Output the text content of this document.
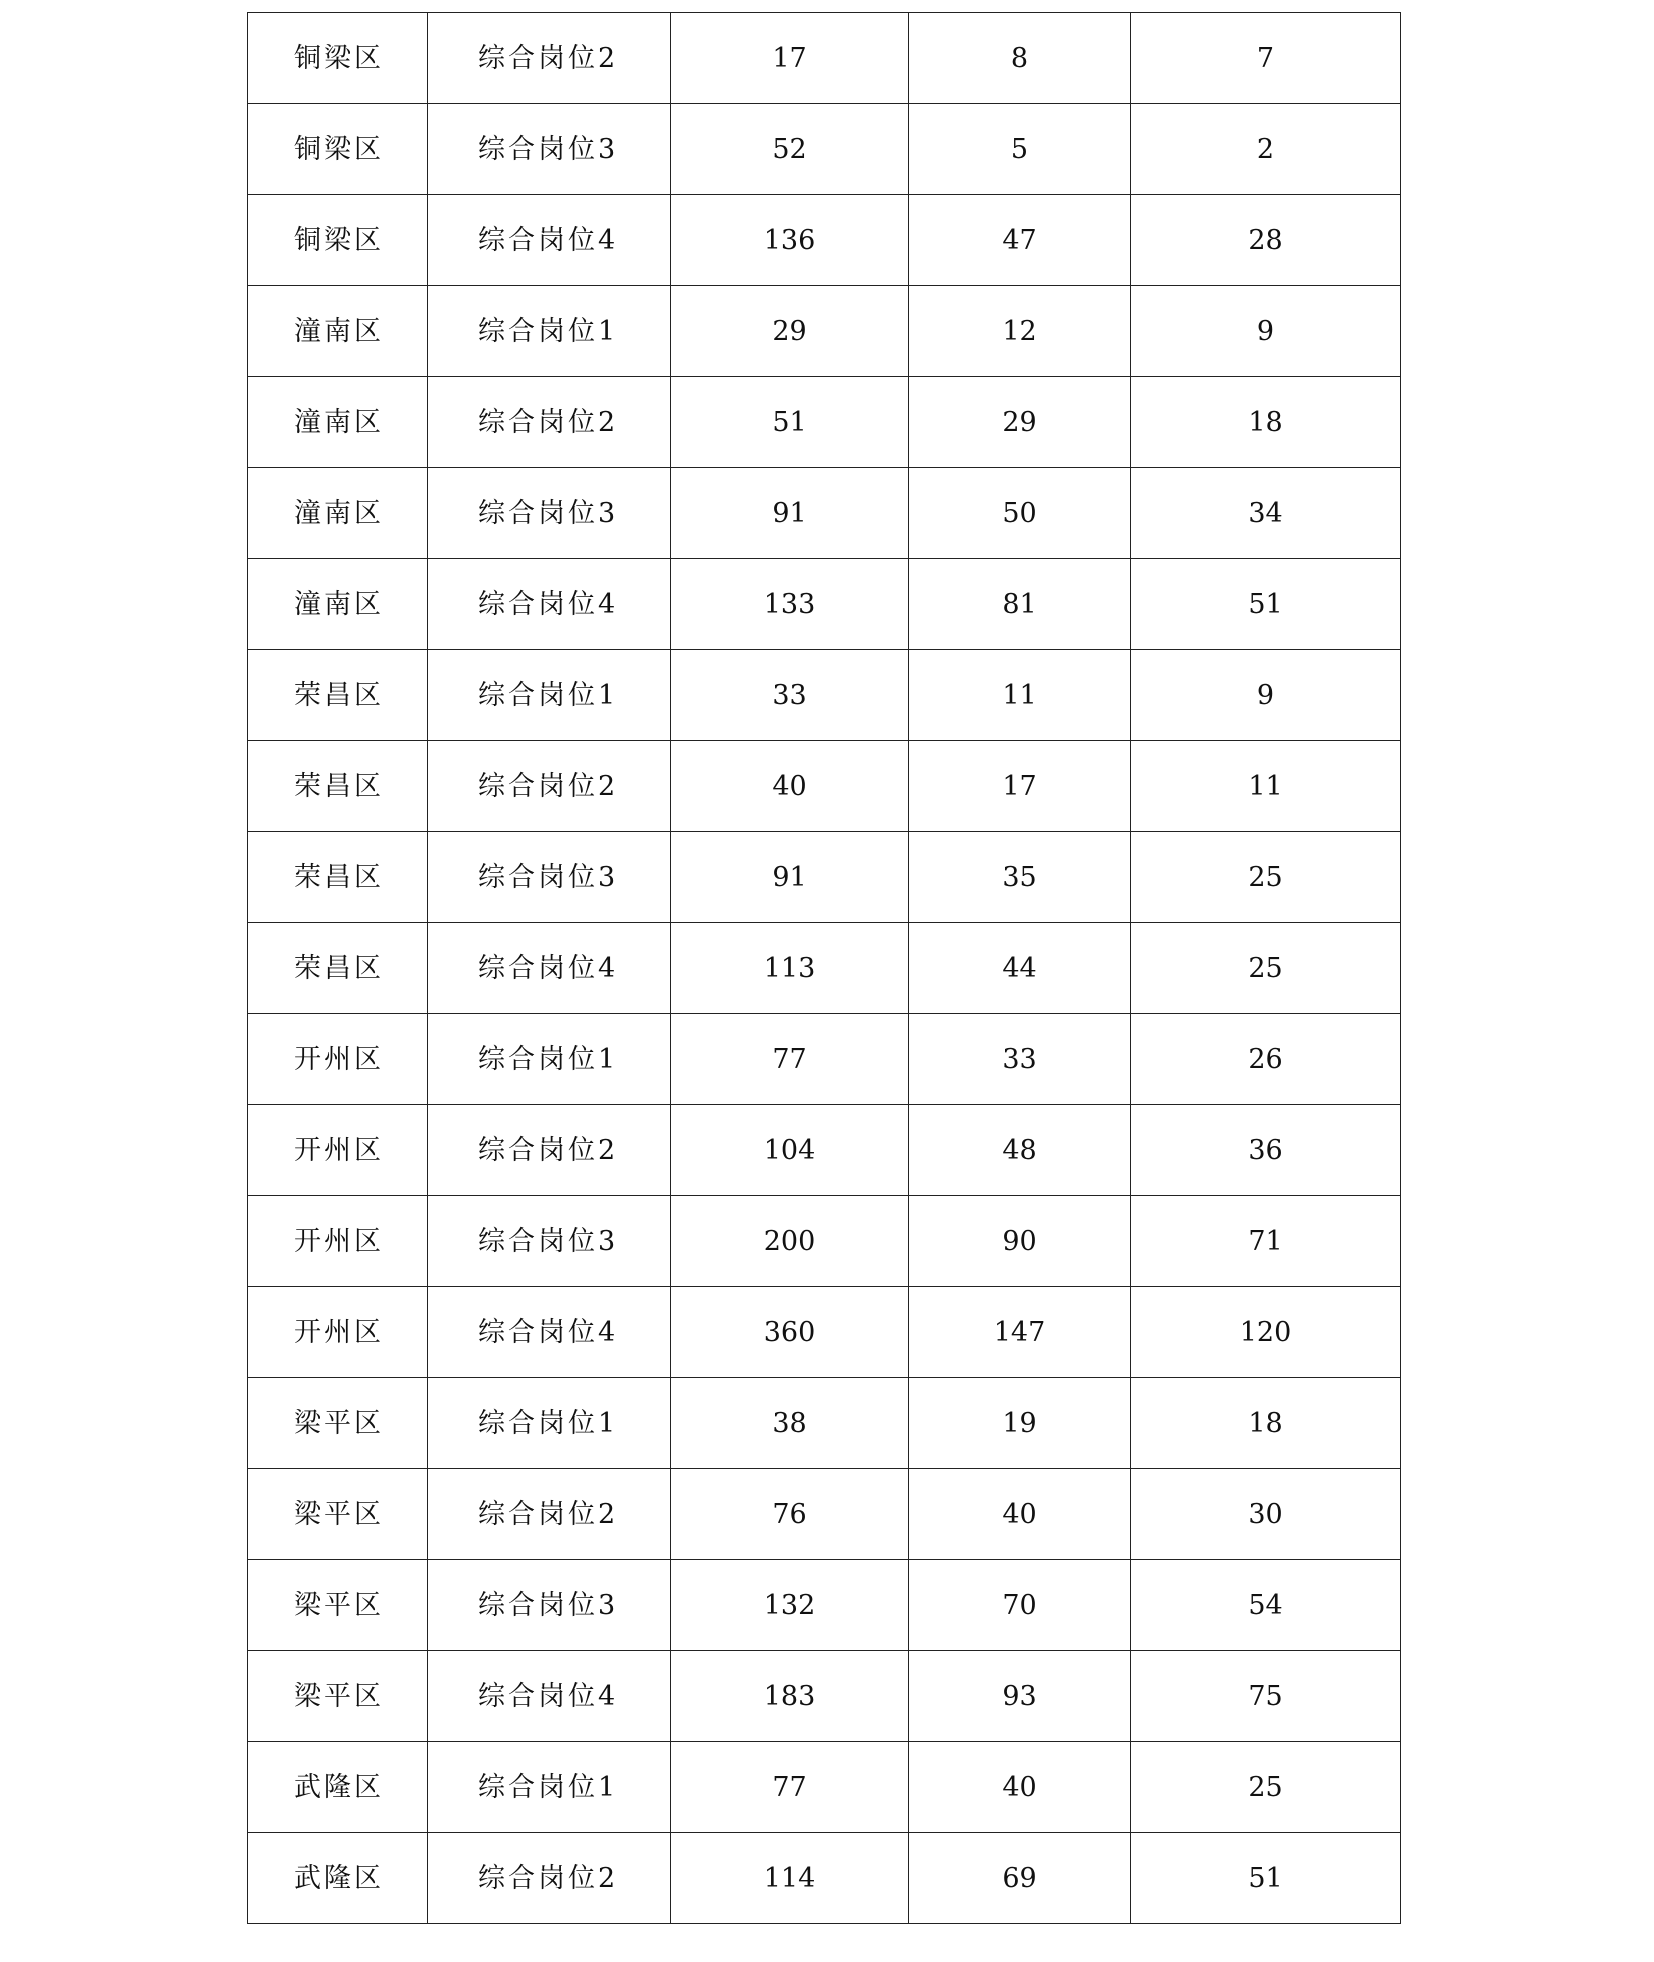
铜梁区	综合岗位2	17	8	7
铜梁区	综合岗位3	52	5	2
铜梁区	综合岗位4	136	47	28
潼南区	综合岗位1	29	12	9
潼南区	综合岗位2	51	29	18
潼南区	综合岗位3	91	50	34
潼南区	综合岗位4	133	81	51
荣昌区	综合岗位1	33	11	9
荣昌区	综合岗位2	40	17	11
荣昌区	综合岗位3	91	35	25
荣昌区	综合岗位4	113	44	25
开州区	综合岗位1	77	33	26
开州区	综合岗位2	104	48	36
开州区	综合岗位3	200	90	71
开州区	综合岗位4	360	147	120
梁平区	综合岗位1	38	19	18
梁平区	综合岗位2	76	40	30
梁平区	综合岗位3	132	70	54
梁平区	综合岗位4	183	93	75
武隆区	综合岗位1	77	40	25
武隆区	综合岗位2	114	69	51
